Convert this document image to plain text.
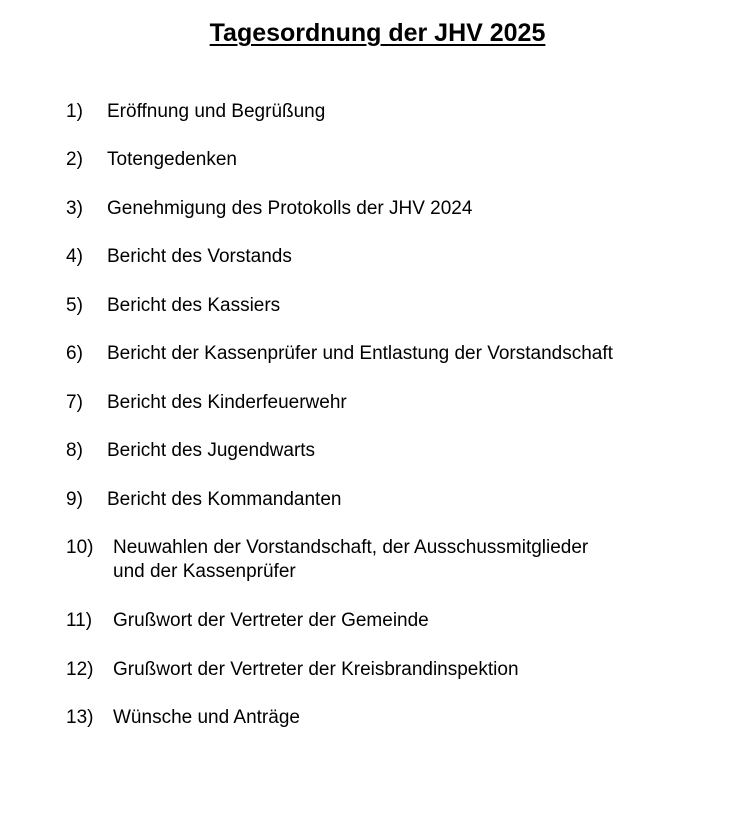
Tagesordnung der JHV 2025
1) Eröffnung und Begrüßung
2) Totengedenken
3) Genehmigung des Protokolls der JHV 2024
4) Bericht des Vorstands
5) Bericht des Kassiers
6) Bericht der Kassenprüfer und Entlastung der Vorstandschaft
7) Bericht des Kinderfeuerwehr
8) Bericht des Jugendwarts
9) Bericht des Kommandanten
10) Neuwahlen der Vorstandschaft, der Ausschussmitglieder
und der Kassenprüfer
11) Grußwort der Vertreter der Gemeinde
12) Grußwort der Vertreter der Kreisbrandinspektion
13) Wünsche und Anträge
